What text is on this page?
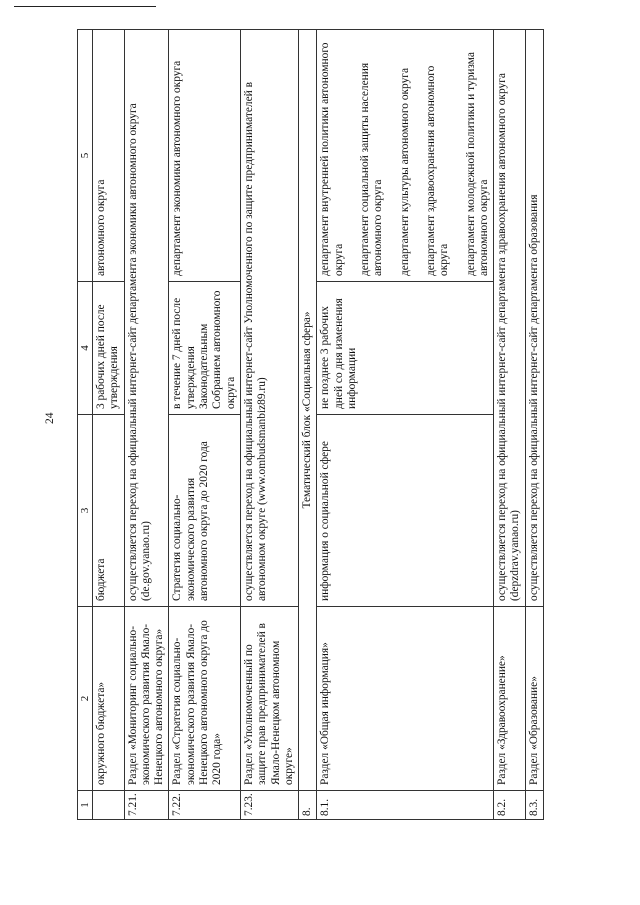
24
1	2	3	4	5
	окружного бюджета»	бюджета	3 рабочих дней после утверждения	автономного округа
7.21.	Раздел «Мониторинг социально-экономического развития Ямало-Ненецкого автономного округа»	осуществляется переход на официальный интернет-сайт департамента экономики автономного округа (de.gov.yanao.ru)		
7.22.	Раздел «Стратегия социально-экономического развития Ямало-Ненецкого автономного округа до 2020 года»	Стратегия социально-экономического развития автономного округа до 2020 года	в течение 7 дней после утверждения Законодательным Собранием автономного округа	департамент экономики автономного округа
7.23.	Раздел «Уполномоченный по защите прав предпринимателей в Ямало-Ненецком автономном округе»	осуществляется переход на официальный интернет-сайт Уполномоченного по защите предпринимателей в автономном округе (www.ombudsmanbiz89.ru)		
8.	Тематический блок «Социальная сфера»			
8.1.	Раздел «Общая информация»	информация о социальной сфере	не позднее 3 рабочих дней со дня изменения информации	департамент внутренней политики автономного округа департамент социальной защиты населения автономного округа департамент культуры автономного округа департамент здравоохранения автономного округа департамент молодежной политики и туризма автономного округа

8.2.	Раздел «Здравоохранение»	осуществляется переход на официальный интернет-сайт департамента здравоохранения автономного округа (depzdrav.yanao.ru)		
8.3.	Раздел «Образование»	осуществляется переход на официальный интернет-сайт департамента образования		
